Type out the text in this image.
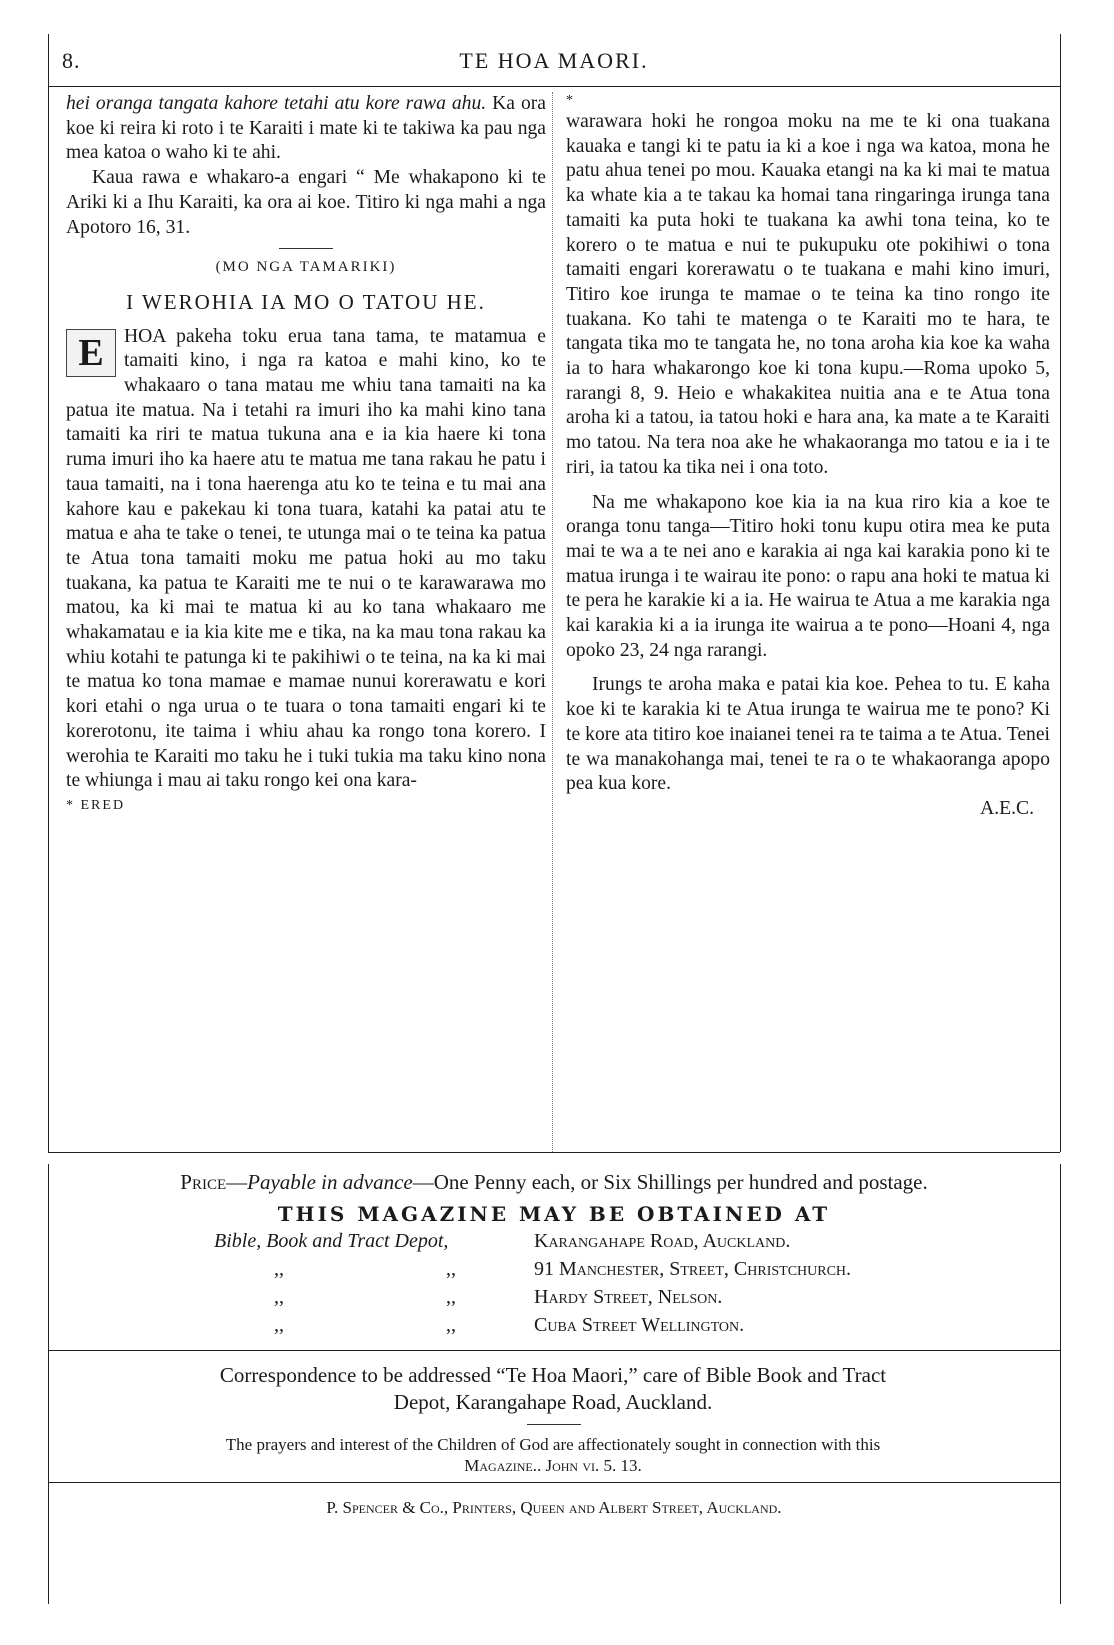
8.	TE HOA MAORI.

hei oranga tangata kahore tetahi atu kore rawa ahu. Ka ora koe ki reira ki roto i te Karaiti i mate ki te takiwa ka pau nga mea katoa o waho ki te ahi.

Kaua rawa e whakaro-a engari “ Me whakapono ki te Ariki ki a Ihu Karaiti, ka ora ai koe. Titiro ki nga mahi a nga Apotoro 16, 31.

(MO NGA TAMARIKI)
I WEROHIA IA MO O TATOU HE.
E	HOA pakeha toku erua tana tama, te matamua e tamaiti kino, i nga ra katoa e mahi kino, ko te whakaaro o tana matau me whiu tana tamaiti na ka patua ite matua. Na i tetahi ra imuri iho ka mahi kino tana tamaiti ka riri te matua tukuna ana e ia kia haere ki tona ruma imuri iho ka haere atu te matua me tana rakau he patu i taua tamaiti, na i tona haerenga atu ko te teina e tu mai ana kahore kau e pakekau ki tona tuara, katahi ka patai atu te matua e aha te take o tenei, te utunga mai o te teina ka patua te Atua tona tamaiti moku me patua hoki au mo taku tuakana, ka patua te Karaiti me te nui o te karawarawa mo matou, ka ki mai te matua ki au ko tana whakaaro me whakamatau e ia kia kite me e tika, na ka mau tona rakau ka whiu kotahi te patunga ki te pakihiwi o te teina, na ka ki mai te matua ko tona mamae e mamae nunui korerawatu e kori kori etahi o nga urua o te tuara o tona tamaiti engari ki te korerotonu, ite taima i whiu ahau ka rongo tona korero. I werohia te Karaiti mo taku he i tuki tukia ma taku kino nona te whiunga i mau ai taku rongo kei ona kara-

* ERED
*

warawara hoki he rongoa moku na me te ki ona tuakana kauaka e tangi ki te patu ia ki a koe i nga wa katoa, mona he patu ahua tenei po mou. Kauaka etangi na ka ki mai te matua ka whate kia a te takau ka homai tana ringaringa irunga tana tamaiti ka puta hoki te tuakana ka awhi tona teina, ko te korero o te matua e nui te pukupuku ote pokihiwi o tona tamaiti engari korerawatu o te tuakana e mahi kino imuri, Titiro koe irunga te mamae o te teina ka tino rongo ite tuakana. Ko tahi te matenga o te Karaiti mo te hara, te tangata tika mo te tangata he, no tona aroha kia koe ka waha ia to hara whakarongo koe ki tona kupu.—Roma upoko 5, rarangi 8, 9. Heio e whakakitea nuitia ana e te Atua tona aroha ki a tatou, ia tatou hoki e hara ana, ka mate a te Karaiti mo tatou. Na tera noa ake he whakaoranga mo tatou e ia i te riri, ia tatou ka tika nei i ona toto.

Na me whakapono koe kia ia na kua riro kia a koe te oranga tonu tanga—Titiro hoki tonu kupu otira mea ke puta mai te wa a te nei ano e karakia ai nga kai karakia pono ki te matua irunga i te wairau ite pono: o rapu ana hoki te matua ki te pera he karakie ki a ia. He wairua te Atua a me karakia nga kai karakia ki a ia irunga ite wairua a te pono—Hoani 4, nga opoko 23, 24 nga rarangi.

Irungs te aroha maka e patai kia koe. Pehea to tu. E kaha koe ki te karakia ki te Atua irunga te wairua me te pono? Ki te kore ata titiro koe inaianei tenei ra te taima a te Atua. Tenei te wa manakohanga mai, tenei te ra o te whakaoranga apopo pea kua kore.

A.E.C.
Price—Payable in advance—One Penny each, or Six Shillings per hundred and postage.
THIS MAGAZINE MAY BE OBTAINED AT
Bible, Book and Tract Depot,	Karangahape Road, Auckland.
,,	,,	91 Manchester, Street, Christchurch.
,,	,,	Hardy Street, Nelson.
,,	,,	Cuba Street Wellington.
Correspondence to be addressed “Te Hoa Maori,” care of Bible Book and Tract
Depot, Karangahape Road, Auckland.
The prayers and interest of the Children of God are affectionately sought in connection with this
Magazine.. John vi. 5. 13.
P. Spencer & Co., Printers, Queen and Albert Street, Auckland.
